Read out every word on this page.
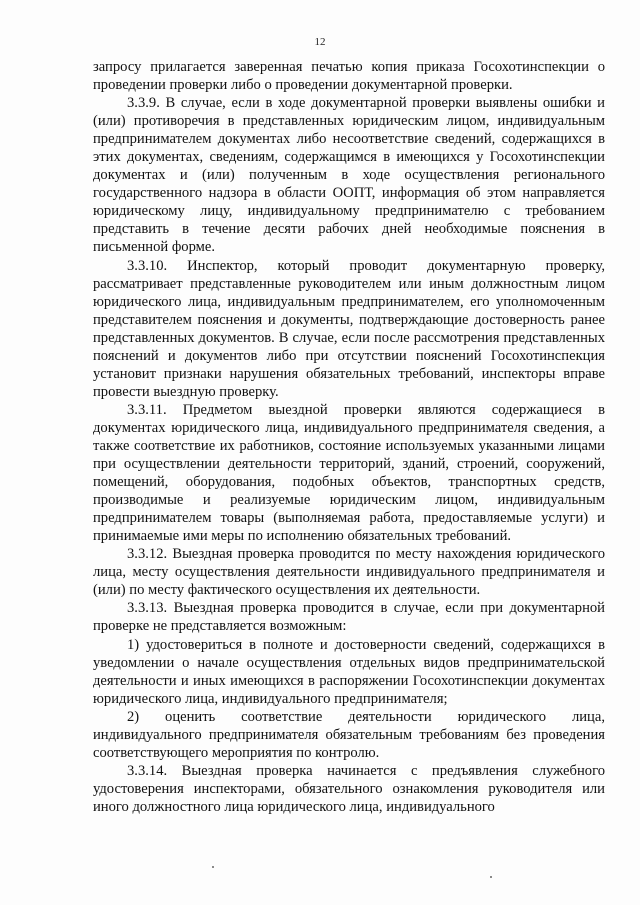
12

запросу прилагается заверенная печатью копия приказа Госохотинспекции о проведении проверки либо о проведении документарной проверки.

3.3.9. В случае, если в ходе документарной проверки выявлены ошибки и (или) противоречия в представленных юридическим лицом, индивидуальным предпринимателем документах либо несоответствие сведений, содержащихся в этих документах, сведениям, содержащимся в имеющихся у Госохотинспекции документах и (или) полученным в ходе осуществления регионального государственного надзора в области ООПТ, информация об этом направляется юридическому лицу, индивидуальному предпринимателю с требованием представить в течение десяти рабочих дней необходимые пояснения в письменной форме.

3.3.10. Инспектор, который проводит документарную проверку, рассматривает представленные руководителем или иным должностным лицом юридического лица, индивидуальным предпринимателем, его уполномоченным представителем пояснения и документы, подтверждающие достоверность ранее представленных документов. В случае, если после рассмотрения представленных пояснений и документов либо при отсутствии пояснений Госохотинспекция установит признаки нарушения обязательных требований, инспекторы вправе провести выездную проверку.

3.3.11. Предметом выездной проверки являются содержащиеся в документах юридического лица, индивидуального предпринимателя сведения, а также соответствие их работников, состояние используемых указанными лицами при осуществлении деятельности территорий, зданий, строений, сооружений, помещений, оборудования, подобных объектов, транспортных средств, производимые и реализуемые юридическим лицом, индивидуальным предпринимателем товары (выполняемая работа, предоставляемые услуги) и принимаемые ими меры по исполнению обязательных требований.

3.3.12. Выездная проверка проводится по месту нахождения юридического лица, месту осуществления деятельности индивидуального предпринимателя и (или) по месту фактического осуществления их деятельности.

3.3.13. Выездная проверка проводится в случае, если при документарной проверке не представляется возможным:

1) удостовериться в полноте и достоверности сведений, содержащихся в уведомлении о начале осуществления отдельных видов предпринимательской деятельности и иных имеющихся в распоряжении Госохотинспекции документах юридического лица, индивидуального предпринимателя;

2) оценить соответствие деятельности юридического лица, индивидуального предпринимателя обязательным требованиям без проведения соответствующего мероприятия по контролю.

3.3.14. Выездная проверка начинается с предъявления служебного удостоверения инспекторами, обязательного ознакомления руководителя или иного должностного лица юридического лица, индивидуального
